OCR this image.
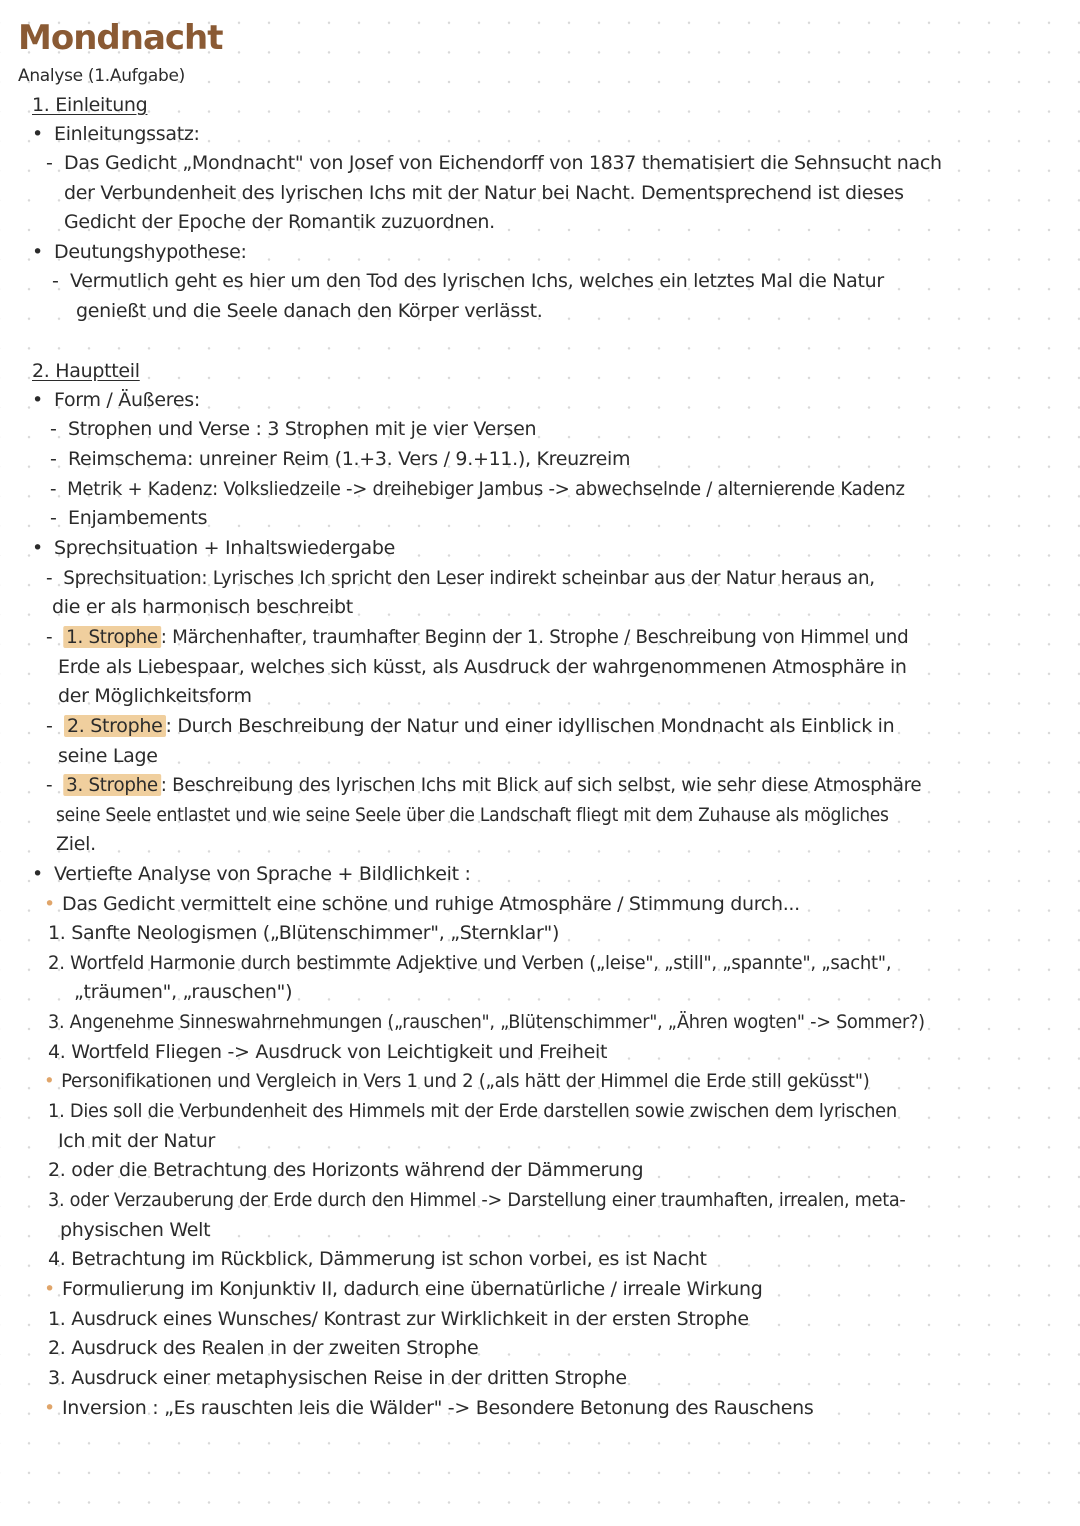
Mondnacht
Analyse (1.Aufgabe)
1. Einleitung
• Einleitungssatz:
- Das Gedicht „Mondnacht" von Josef von Eichendorff von 1837 thematisiert die Sehnsucht nach
der Verbundenheit des lyrischen Ichs mit der Natur bei Nacht. Dementsprechend ist dieses
Gedicht der Epoche der Romantik zuzuordnen.
• Deutungshypothese:
- Vermutlich geht es hier um den Tod des lyrischen Ichs, welches ein letztes Mal die Natur
genießt und die Seele danach den Körper verlässt.
2. Hauptteil
• Form / Äußeres:
- Strophen und Verse : 3 Strophen mit je vier Versen
- Reimschema: unreiner Reim (1.+3. Vers / 9.+11.), Kreuzreim
- Metrik + Kadenz: Volksliedzeile -> dreihebiger Jambus -> abwechselnde / alternierende Kadenz
- Enjambements
• Sprechsituation + Inhaltswiedergabe
- Sprechsituation: Lyrisches Ich spricht den Leser indirekt scheinbar aus der Natur heraus an,
die er als harmonisch beschreibt
- 1. Strophe : Märchenhafter, traumhafter Beginn der 1. Strophe / Beschreibung von Himmel und
Erde als Liebespaar, welches sich küsst, als Ausdruck der wahrgenommenen Atmosphäre in
der Möglichkeitsform
- 2. Strophe : Durch Beschreibung der Natur und einer idyllischen Mondnacht als Einblick in
seine Lage
- 3. Strophe : Beschreibung des lyrischen Ichs mit Blick auf sich selbst, wie sehr diese Atmosphäre
seine Seele entlastet und wie seine Seele über die Landschaft fliegt mit dem Zuhause als mögliches
Ziel.
• Vertiefte Analyse von Sprache + Bildlichkeit :
• Das Gedicht vermittelt eine schöne und ruhige Atmosphäre / Stimmung durch...
1. Sanfte Neologismen („Blütenschimmer", „Sternklar")
2. Wortfeld Harmonie durch bestimmte Adjektive und Verben („leise", „still", „spannte", „sacht",
„träumen", „rauschen")
3. Angenehme Sinneswahrnehmungen („rauschen", „Blütenschimmer", „Ähren wogten" -> Sommer?)
4. Wortfeld Fliegen -> Ausdruck von Leichtigkeit und Freiheit
• Personifikationen und Vergleich in Vers 1 und 2 („als hätt der Himmel die Erde still geküsst")
1. Dies soll die Verbundenheit des Himmels mit der Erde darstellen sowie zwischen dem lyrischen
Ich mit der Natur
2. oder die Betrachtung des Horizonts während der Dämmerung
3. oder Verzauberung der Erde durch den Himmel -> Darstellung einer traumhaften, irrealen, meta-
physischen Welt
4. Betrachtung im Rückblick, Dämmerung ist schon vorbei, es ist Nacht
• Formulierung im Konjunktiv II, dadurch eine übernatürliche / irreale Wirkung
1. Ausdruck eines Wunsches/ Kontrast zur Wirklichkeit in der ersten Strophe
2. Ausdruck des Realen in der zweiten Strophe
3. Ausdruck einer metaphysischen Reise in der dritten Strophe
• Inversion : „Es rauschten leis die Wälder" -> Besondere Betonung des Rauschens
